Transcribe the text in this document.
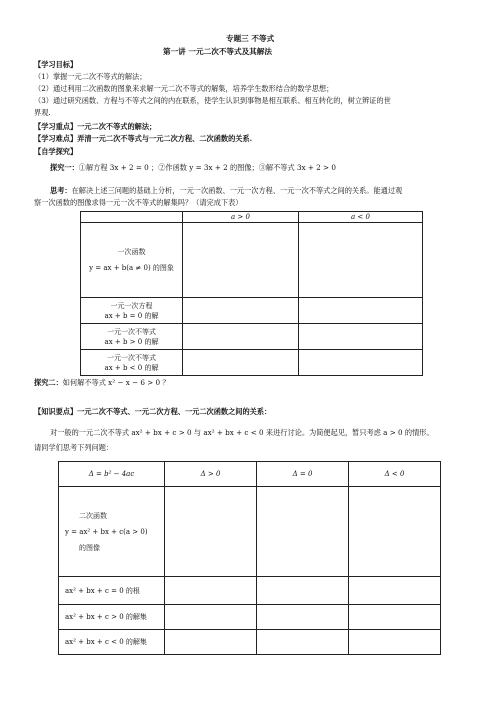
专题三 不等式
第一讲 一元二次不等式及其解法
【学习目标】
（1）掌握一元二次不等式的解法；
（2）通过利用二次函数的图象来求解一元二次不等式的解集，培养学生数形结合的数学思想；
（3）通过研究函数、方程与不等式之间的内在联系，使学生认识到事物是相互联系、相互转化的，树立辨证的世
界观.
【学习重点】一元二次不等式的解法；
【学习难点】弄清一元二次不等式与一元二次方程、二次函数的关系.
【自学探究】
探究一：①解方程 3x + 2 = 0 ；②作函数 y = 3x + 2 的图像；③解不等式 3x + 2 > 0
思考：在解决上述三问题的基础上分析，一元一次函数、一元一次方程、一元一次不等式之间的关系。能通过观
察一次函数的图像求得一元一次不等式的解集吗？（请完成下表）
	a > 0	a < 0

一次函数
y = ax + b(a ≠ 0) 的图象		

一元一次方程
ax + b = 0 的解		

一元一次不等式
ax + b > 0 的解		

一元一次不等式
ax + b < 0 的解		

探究二：如何解不等式 x² − x − 6 > 0 ？
【知识要点】一元二次不等式、一元二次方程、一元二次函数之间的关系：
对一般的一元二次不等式 ax² + bx + c > 0 与 ax² + bx + c < 0 来进行讨论。为简便起见，暂只考虑 a > 0 的情形。
请同学们思考下列问题：
Δ = b² − 4ac	Δ > 0	Δ = 0	Δ < 0

二次函数
y = ax² + bx + c(a > 0)
的图像			

ax² + bx + c = 0 的根			
ax² + bx + c > 0 的解集			
ax² + bx + c < 0 的解集			
